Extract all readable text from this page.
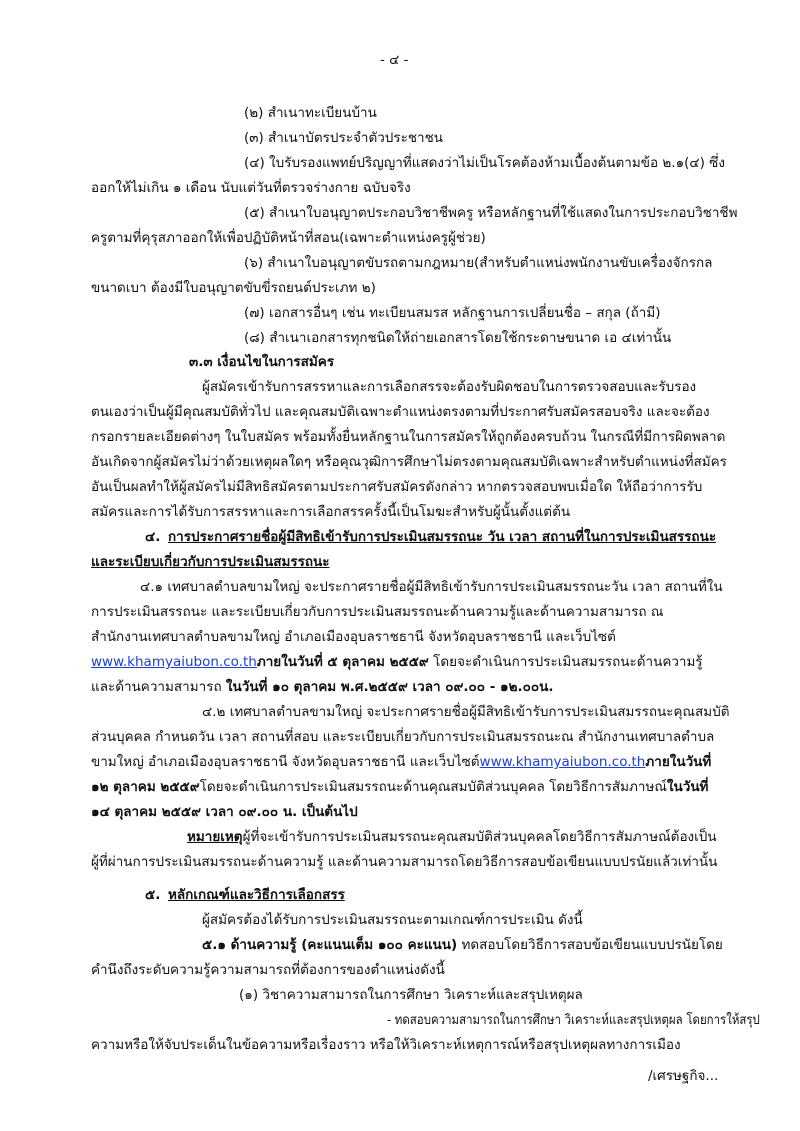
- ๔ -
(๒) สำเนาทะเบียนบ้าน
(๓) สำเนาบัตรประจำตัวประชาชน
(๔) ใบรับรองแพทย์ปริญญาที่แสดงว่าไม่เป็นโรคต้องห้ามเบื้องต้นตามข้อ ๒.๑(๔) ซึ่ง
ออกให้ไม่เกิน ๑ เดือน นับแต่วันที่ตรวจร่างกาย ฉบับจริง
(๕) สำเนาใบอนุญาตประกอบวิชาชีพครู หรือหลักฐานที่ใช้แสดงในการประกอบวิชาชีพ
ครูตามที่คุรุสภาออกให้เพื่อปฏิบัติหน้าที่สอน(เฉพาะตำแหน่งครูผู้ช่วย)
(๖) สำเนาใบอนุญาตขับรถตามกฎหมาย(สำหรับตำแหน่งพนักงานขับเครื่องจักรกล
ขนาดเบา ต้องมีใบอนุญาตขับขี่รถยนต์ประเภท ๒)
(๗) เอกสารอื่นๆ เช่น ทะเบียนสมรส หลักฐานการเปลี่ยนชื่อ – สกุล (ถ้ามี)
(๘) สำเนาเอกสารทุกชนิดให้ถ่ายเอกสารโดยใช้กระดาษขนาด เอ ๔เท่านั้น
๓.๓ เงื่อนไขในการสมัคร
ผู้สมัครเข้ารับการสรรหาและการเลือกสรรจะต้องรับผิดชอบในการตรวจสอบและรับรอง
ตนเองว่าเป็นผู้มีคุณสมบัติทั่วไป และคุณสมบัติเฉพาะตำแหน่งตรงตามที่ประกาศรับสมัครสอบจริง และจะต้อง
กรอกรายละเอียดต่างๆ ในใบสมัคร พร้อมทั้งยื่นหลักฐานในการสมัครให้ถูกต้องครบถ้วน ในกรณีที่มีการผิดพลาด
อันเกิดจากผู้สมัครไม่ว่าด้วยเหตุผลใดๆ หรือคุณวุฒิการศึกษาไม่ตรงตามคุณสมบัติเฉพาะสำหรับตำแหน่งที่สมัคร
อันเป็นผลทำให้ผู้สมัครไม่มีสิทธิสมัครตามประกาศรับสมัครดังกล่าว หากตรวจสอบพบเมื่อใด ให้ถือว่าการรับ
สมัครและการได้รับการสรรหาและการเลือกสรรครั้งนี้เป็นโมฆะสำหรับผู้นั้นตั้งแต่ต้น
๔. การประกาศรายชื่อผู้มีสิทธิเข้ารับการประเมินสมรรถนะ วัน เวลา สถานที่ในการประเมินสรรถนะ
และระเบียบเกี่ยวกับการประเมินสมรรถนะ
๔.๑ เทศบาลตำบลขามใหญ่ จะประกาศรายชื่อผู้มีสิทธิเข้ารับการประเมินสมรรถนะวัน เวลา สถานที่ใน
การประเมินสรรถนะ และระเบียบเกี่ยวกับการประเมินสมรรถนะด้านความรู้และด้านความสามารถ ณ
สำนักงานเทศบาลตำบลขามใหญ่ อำเภอเมืองอุบลราชธานี จังหวัดอุบลราชธานี และเว็บไซต์
www.khamyaiubon.co.thภายในวันที่ ๕ ตุลาคม ๒๕๕๙ โดยจะดำเนินการประเมินสมรรถนะด้านความรู้
และด้านความสามารถ ในวันที่ ๑๐ ตุลาคม พ.ศ.๒๕๕๙ เวลา ๐๙.๐๐ - ๑๒.๐๐น.
๔.๒ เทศบาลตำบลขามใหญ่ จะประกาศรายชื่อผู้มีสิทธิเข้ารับการประเมินสมรรถนะคุณสมบัติ
ส่วนบุคคล กำหนดวัน เวลา สถานที่สอบ และระเบียบเกี่ยวกับการประเมินสมรรถนะณ สำนักงานเทศบาลตำบล
ขามใหญ่ อำเภอเมืองอุบลราชธานี จังหวัดอุบลราชธานี และเว็บไซต์www.khamyaiubon.co.thภายในวันที่
๑๒ ตุลาคม ๒๕๕๙โดยจะดำเนินการประเมินสมรรถนะด้านคุณสมบัติส่วนบุคคล โดยวิธีการสัมภาษณ์ในวันที่
๑๔ ตุลาคม ๒๕๕๙ เวลา ๐๙.๐๐ น. เป็นต้นไป
หมายเหตุผู้ที่จะเข้ารับการประเมินสมรรถนะคุณสมบัติส่วนบุคคลโดยวิธีการสัมภาษณ์ต้องเป็น
ผู้ที่ผ่านการประเมินสมรรถนะด้านความรู้ และด้านความสามารถโดยวิธีการสอบข้อเขียนแบบปรนัยแล้วเท่านั้น
๕. หลักเกณฑ์และวิธีการเลือกสรร
ผู้สมัครต้องได้รับการประเมินสมรรถนะตามเกณฑ์การประเมิน ดังนี้
๕.๑ ด้านความรู้ (คะแนนเต็ม ๑๐๐ คะแนน) ทดสอบโดยวิธีการสอบข้อเขียนแบบปรนัยโดย
คำนึงถึงระดับความรู้ความสามารถที่ต้องการของตำแหน่งดังนี้
(๑) วิชาความสามารถในการศึกษา วิเคราะห์และสรุปเหตุผล
- ทดสอบความสามารถในการศึกษา วิเคราะห์และสรุปเหตุผล โดยการให้สรุป
ความหรือให้จับประเด็นในข้อความหรือเรื่องราว หรือให้วิเคราะห์เหตุการณ์หรือสรุปเหตุผลทางการเมือง
/เศรษฐกิจ...
